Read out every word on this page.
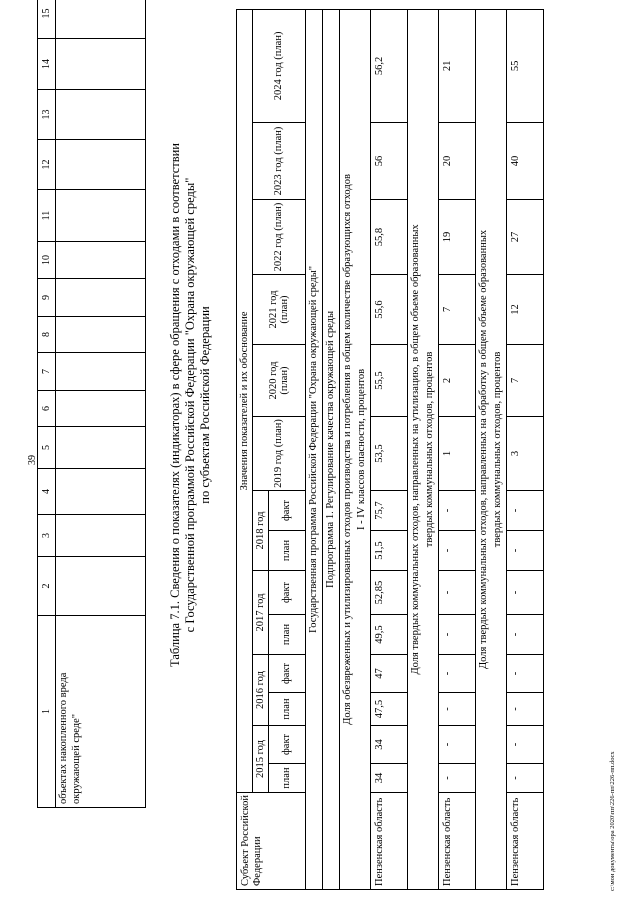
39
1	2	3	4	5	6	7	8	9	10	11	12	13	14	15	
объектах накопленного вреда окружающей среде"															
Таблица 7.1. Сведения о показателях (индикаторах) в сфере обращения с отходами в соответствии с Государственной программой Российской Федерации "Охрана окружающей среды" по субъектам Российской Федерации
Субъект Российской Федерации	Значения показателей и их обоснование													
	2015 год		2016 год		2017 год		2018 год		2019 год (план)	2020 год (план)	2021 год (план)	2022 год (план)	2023 год (план)	2024 год (план)
	план	факт	план	факт	план	факт	план	факт						
Государственная программа Российской Федерации "Охрана окружающей среды"														
Подпрограмма 1. Регулирование качества окружающей среды														

Доля обезвреженных и утилизированных отходов производства и потребления в общем количестве образующихся отходов I - IV классов опасности, процентов														

Пензенская область	34	34	47,5	47	49,5	52,85	51,5	75,7	53,5	55,5	55,6	55,8	56	56,2

Доля твердых коммунальных отходов, направленных на утилизацию, в общем объеме образованных твердых коммунальных отходов, процентов														

Пензенская область	-	-	-	-	-	-	-	-	1	2	7	19	20	21

Доля твердых коммунальных отходов, направленных на обработку в общем объеме образованных твердых коммунальных отходов, процентов														

Пензенская область	-	-	-	-	-	-	-	-	3	7	12	27	40	55
c:\мои документы\ора 2020\пп\226-пп\226-пп.docx
